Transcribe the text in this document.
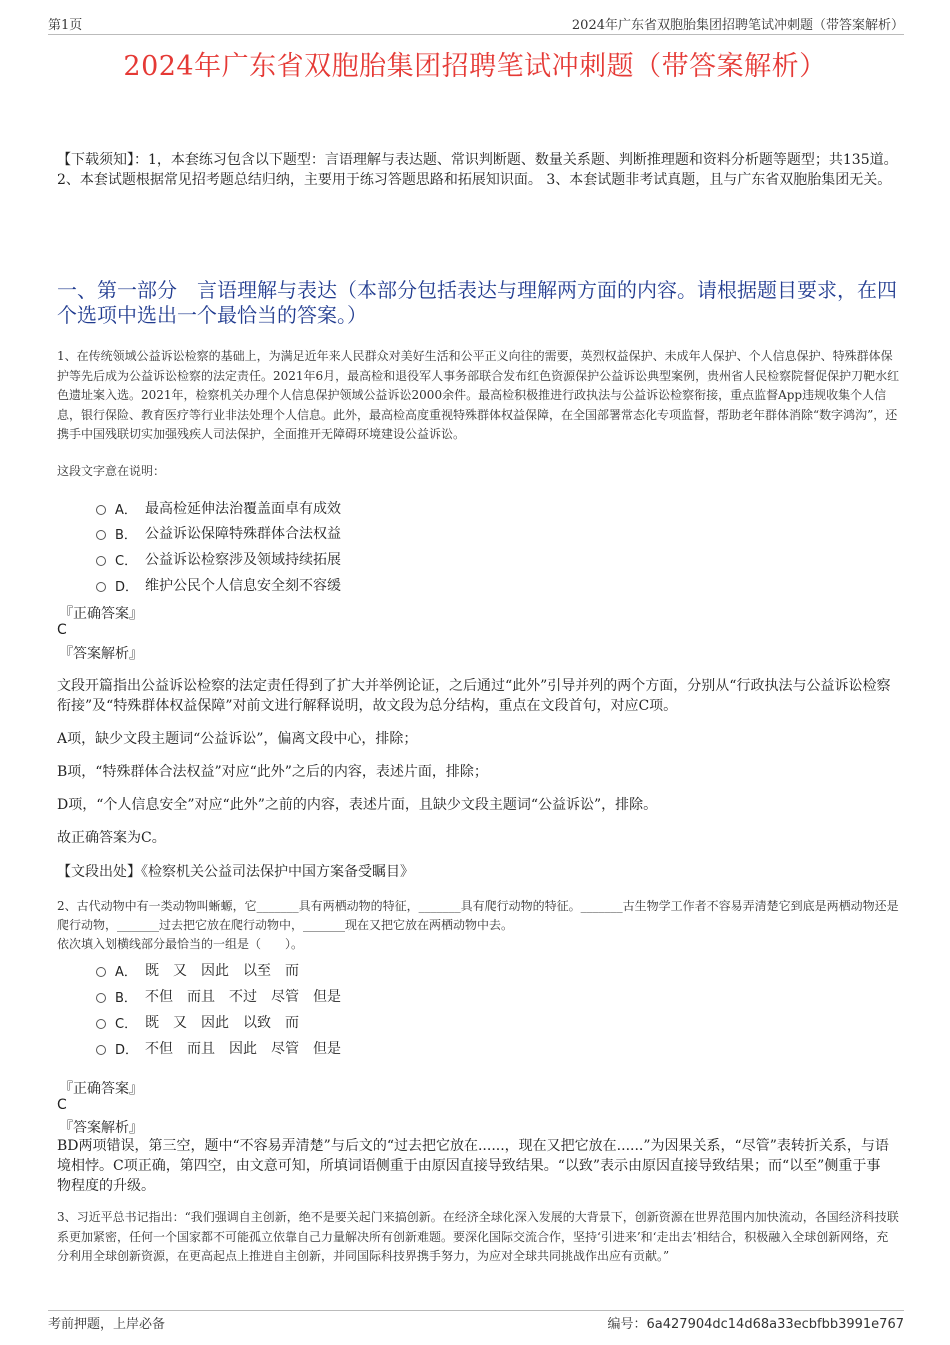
第1页	2024年广东省双胞胎集团招聘笔试冲刺题（带答案解析）
2024年广东省双胞胎集团招聘笔试冲刺题（带答案解析）
【下载须知】：1，本套练习包含以下题型：言语理解与表达题、常识判断题、数量关系题、判断推理题和资料分析题等题型；共135道。 2、本套试题根据常见招考题总结归纳，主要用于练习答题思路和拓展知识面。 3、本套试题非考试真题，且与广东省双胞胎集团无关。
一、第一部分　言语理解与表达（本部分包括表达与理解两方面的内容。请根据题目要求，在四个选项中选出一个最恰当的答案。）
1、在传统领域公益诉讼检察的基础上，为满足近年来人民群众对美好生活和公平正义向往的需要，英烈权益保护、未成年人保护、个人信息保护、特殊群体保护等先后成为公益诉讼检察的法定责任。2021年6月，最高检和退役军人事务部联合发布红色资源保护公益诉讼典型案例，贵州省人民检察院督促保护刀靶水红色遗址案入选。2021年，检察机关办理个人信息保护领域公益诉讼2000余件。最高检积极推进行政执法与公益诉讼检察衔接，重点监督App违规收集个人信息，银行保险、教育医疗等行业非法处理个人信息。此外，最高检高度重视特殊群体权益保障，在全国部署常态化专项监督，帮助老年群体消除“数字鸿沟”，还携手中国残联切实加强残疾人司法保护，全面推开无障碍环境建设公益诉讼。
这段文字意在说明：
A． 最高检延伸法治覆盖面卓有成效
B． 公益诉讼保障特殊群体合法权益
C． 公益诉讼检察涉及领域持续拓展
D． 维护公民个人信息安全刻不容缓
『正确答案』
C
『答案解析』
文段开篇指出公益诉讼检察的法定责任得到了扩大并举例论证，之后通过“此外”引导并列的两个方面，分别从“行政执法与公益诉讼检察衔接”及“特殊群体权益保障”对前文进行解释说明，故文段为总分结构，重点在文段首句，对应C项。
A项，缺少文段主题词“公益诉讼”，偏离文段中心，排除；
B项，“特殊群体合法权益”对应“此外”之后的内容，表述片面，排除；
D项，“个人信息安全”对应“此外”之前的内容，表述片面，且缺少文段主题词“公益诉讼”，排除。
故正确答案为C。
【文段出处】《检察机关公益司法保护中国方案备受瞩目》
2、古代动物中有一类动物叫蜥螈，它_______具有两栖动物的特征，_______具有爬行动物的特征。_______古生物学工作者不容易弄清楚它到底是两栖动物还是爬行动物，_______过去把它放在爬行动物中，_______现在又把它放在两栖动物中去。
依次填入划横线部分最恰当的一组是（　　）。
A． 既 又 因此 以至 而
B． 不但 而且 不过 尽管 但是
C． 既 又 因此 以致 而
D． 不但 而且 因此 尽管 但是
『正确答案』
C
『答案解析』
BD两项错误，第三空，题中“不容易弄清楚”与后文的“过去把它放在......，现在又把它放在......”为因果关系，“尽管”表转折关系，与语境相悖。C项正确，第四空，由文意可知，所填词语侧重于由原因直接导致结果。“以致”表示由原因直接导致结果；而“以至”侧重于事物程度的升级。
3、习近平总书记指出：“我们强调自主创新，绝不是要关起门来搞创新。在经济全球化深入发展的大背景下，创新资源在世界范围内加快流动，各国经济科技联系更加紧密，任何一个国家都不可能孤立依靠自己力量解决所有创新难题。要深化国际交流合作，坚持‘引进来’和‘走出去’相结合，积极融入全球创新网络，充分利用全球创新资源，在更高起点上推进自主创新，并同国际科技界携手努力，为应对全球共同挑战作出应有贡献。”
考前押题，上岸必备	编号：6a427904dc14d68a33ecbfbb3991e767
